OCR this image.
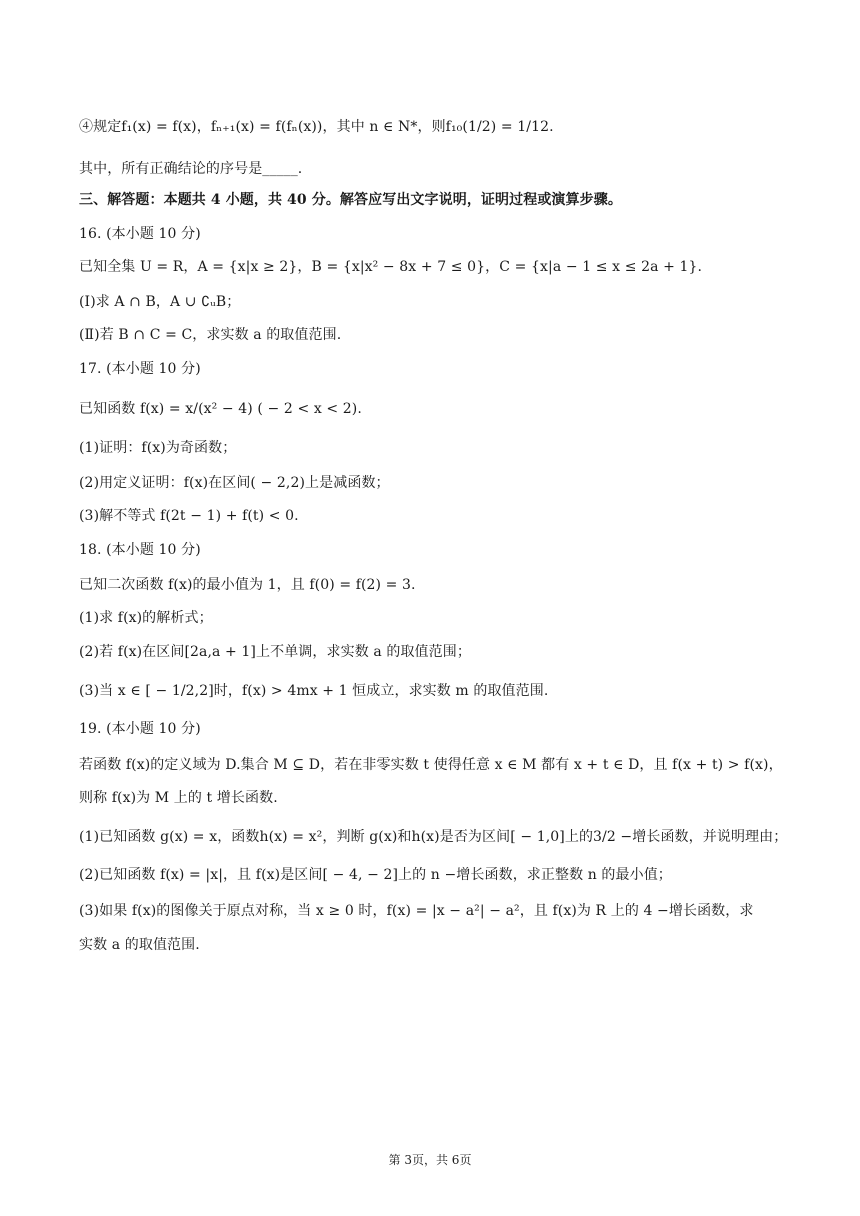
④规定f₁(x) = f(x)，fₙ₊₁(x) = f(fₙ(x))，其中 n ∈ N*，则f₁₀(1/2) = 1/12.
其中，所有正确结论的序号是_____.
三、解答题：本题共 4 小题，共 40 分。解答应写出文字说明，证明过程或演算步骤。
16. (本小题 10 分)
已知全集 U = R，A = {x|x ≥ 2}，B = {x|x² − 8x + 7 ≤ 0}，C = {x|a − 1 ≤ x ≤ 2a + 1}.
(Ⅰ)求 A ∩ B，A ∪ ∁ᵤB；
(Ⅱ)若 B ∩ C = C，求实数 a 的取值范围.
17. (本小题 10 分)
已知函数 f(x) = x/(x² − 4) ( − 2 < x < 2).
(1)证明：f(x)为奇函数；
(2)用定义证明：f(x)在区间( − 2,2)上是减函数；
(3)解不等式 f(2t − 1) + f(t) < 0.
18. (本小题 10 分)
已知二次函数 f(x)的最小值为 1，且 f(0) = f(2) = 3.
(1)求 f(x)的解析式；
(2)若 f(x)在区间[2a,a + 1]上不单调，求实数 a 的取值范围；
(3)当 x ∈ [ − 1/2,2]时，f(x) > 4mx + 1 恒成立，求实数 m 的取值范围.
19. (本小题 10 分)
若函数 f(x)的定义域为 D.集合 M ⊆ D，若在非零实数 t 使得任意 x ∈ M 都有 x + t ∈ D，且 f(x + t) > f(x)，
则称 f(x)为 M 上的 t 增长函数.
(1)已知函数 g(x) = x，函数h(x) = x²，判断 g(x)和h(x)是否为区间[ − 1,0]上的3/2 −增长函数，并说明理由；
(2)已知函数 f(x) = |x|，且 f(x)是区间[ − 4, − 2]上的 n −增长函数，求正整数 n 的最小值；
(3)如果 f(x)的图像关于原点对称，当 x ≥ 0 时，f(x) = |x − a²| − a²，且 f(x)为 R 上的 4 −增长函数，求
实数 a 的取值范围.
第 3页，共 6页
